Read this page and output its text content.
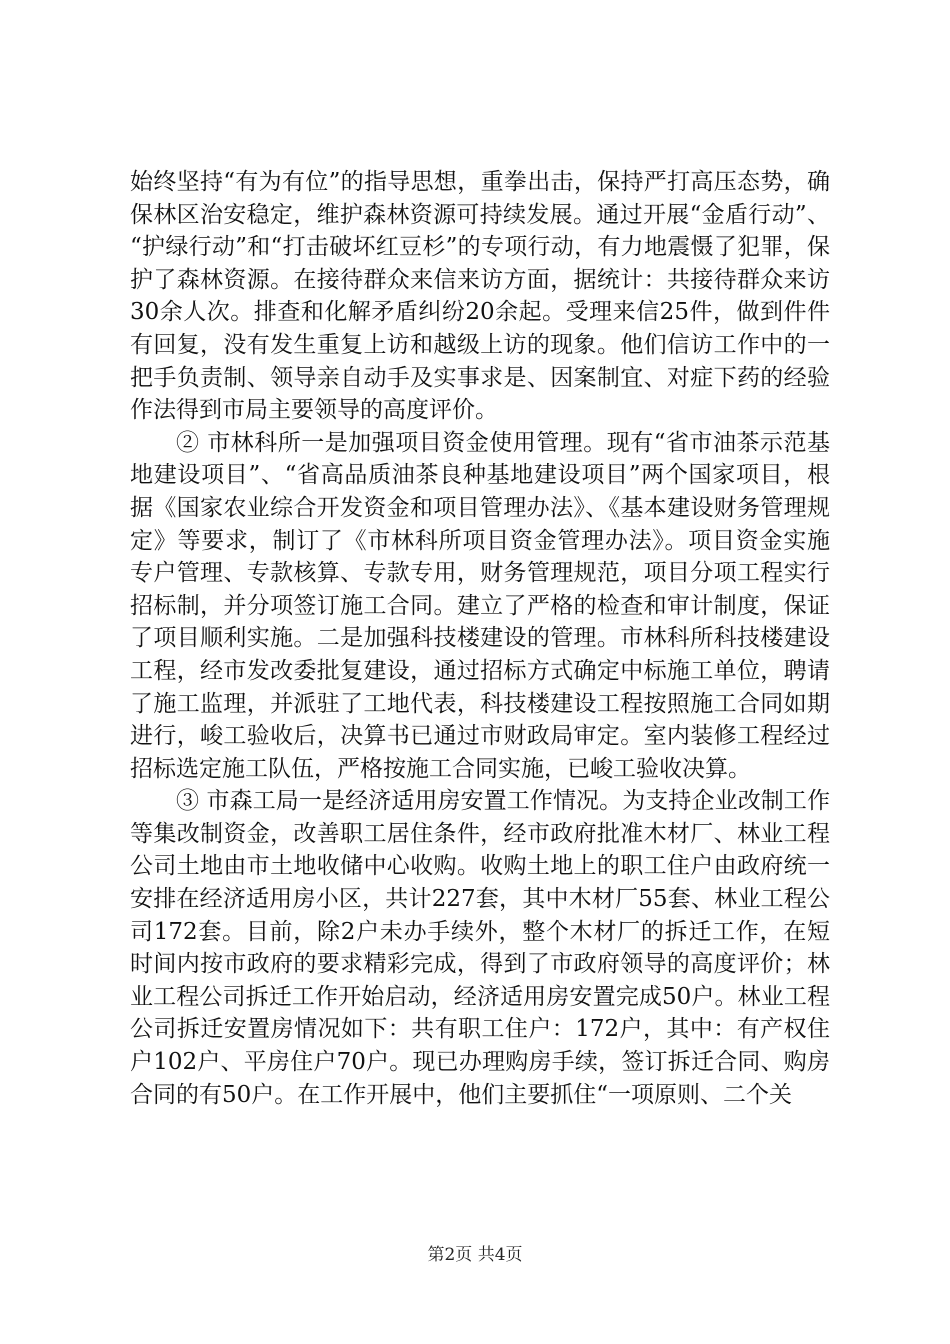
始终坚持“有为有位”的指导思想，重拳出击，保持严打高压态势，确保林区治安稳定，维护森林资源可持续发展。通过开展“金盾行动”、“护绿行动”和“打击破坏红豆杉”的专项行动，有力地震慑了犯罪，保护了森林资源。在接待群众来信来访方面，据统计：共接待群众来访30余人次。排查和化解矛盾纠纷20余起。受理来信25件，做到件件有回复，没有发生重复上访和越级上访的现象。他们信访工作中的一把手负责制、领导亲自动手及实事求是、因案制宜、对症下药的经验作法得到市局主要领导的高度评价。

② 市林科所一是加强项目资金使用管理。现有“省市油茶示范基地建设项目”、“省高品质油茶良种基地建设项目”两个国家项目，根据《国家农业综合开发资金和项目管理办法》、《基本建设财务管理规定》等要求，制订了《市林科所项目资金管理办法》。项目资金实施专户管理、专款核算、专款专用，财务管理规范，项目分项工程实行招标制，并分项签订施工合同。建立了严格的检查和审计制度，保证了项目顺利实施。二是加强科技楼建设的管理。市林科所科技楼建设工程，经市发改委批复建设，通过招标方式确定中标施工单位，聘请了施工监理，并派驻了工地代表，科技楼建设工程按照施工合同如期进行，峻工验收后，决算书已通过市财政局审定。室内装修工程经过招标选定施工队伍，严格按施工合同实施，已峻工验收决算。

③ 市森工局一是经济适用房安置工作情况。为支持企业改制工作等集改制资金，改善职工居住条件，经市政府批准木材厂、林业工程公司土地由市土地收储中心收购。收购土地上的职工住户由政府统一安排在经济适用房小区，共计227套，其中木材厂55套、林业工程公司172套。目前，除2户未办手续外，整个木材厂的拆迁工作，在短时间内按市政府的要求精彩完成，得到了市政府领导的高度评价；林业工程公司拆迁工作开始启动，经济适用房安置完成50户。林业工程公司拆迁安置房情况如下：共有职工住户：172户，其中：有产权住户102户、平房住户70户。现已办理购房手续，签订拆迁合同、购房合同的有50户。在工作开展中，他们主要抓住“一项原则、二个关

第2页 共4页
